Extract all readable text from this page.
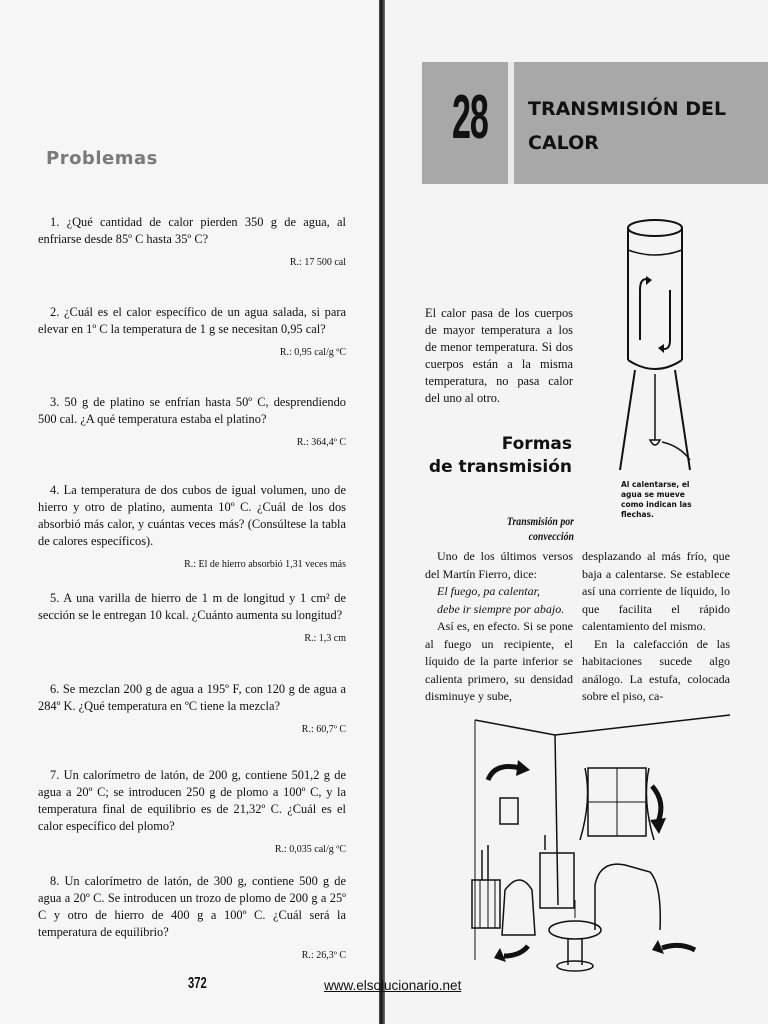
Problemas

1. ¿Qué cantidad de calor pierden 350 g de agua, al enfriarse desde 85º C hasta 35º C?

R.: 17 500 cal

2. ¿Cuál es el calor específico de un agua salada, si para elevar en 1º C la temperatura de 1 g se necesitan 0,95 cal?

R.: 0,95 cal/g ºC

3. 50 g de platino se enfrían hasta 50º C, desprendiendo 500 cal. ¿A qué temperatura estaba el platino?

R.: 364,4º C

4. La temperatura de dos cubos de igual volumen, uno de hierro y otro de platino, aumenta 10º C. ¿Cuál de los dos absorbió más calor, y cuántas veces más? (Consúltese la tabla de calores específicos).

R.: El de hierro absorbió 1,31 veces más

5. A una varilla de hierro de 1 m de longitud y 1 cm² de sección se le entregan 10 kcal. ¿Cuánto aumenta su longitud?

R.: 1,3 cm

6. Se mezclan 200 g de agua a 195º F, con 120 g de agua a 284º K. ¿Qué temperatura en ºC tiene la mezcla?

R.: 60,7º C

7. Un calorímetro de latón, de 200 g, contiene 501,2 g de agua a 20º C; se introducen 250 g de plomo a 100º C, y la temperatura final de equilibrio es de 21,32º C. ¿Cuál es el calor específico del plomo?

R.: 0,035 cal/g ºC

8. Un calorímetro de latón, de 300 g, contiene 500 g de agua a 20º C. Se introducen un trozo de plomo de 200 g a 25º C y otro de hierro de 400 g a 100º C. ¿Cuál será la temperatura de equilibrio?

R.: 26,3º C
372	www.elsolucionario.net
28 TRANSMISIÓN DEL CALOR
El calor pasa de los cuerpos de mayor temperatura a los de menor temperatura. Si dos cuerpos están a la misma temperatura, no pasa calor del uno al otro.
Formas
de transmisión
Al calentarse, el agua se mueve como indican las flechas.
Transmisión por convección

Uno de los últimos versos del Martín Fierro, dice:

El fuego, pa calentar,

debe ir siempre por abajo.

Así es, en efecto. Si se pone al fuego un recipiente, el líquido de la parte inferior se calienta primero, su densidad disminuye y sube,

desplazando al más frío, que baja a calentarse. Se establece así una corriente de líquido, lo que facilita el rápido calentamiento del mismo.

En la calefacción de las habitaciones sucede algo análogo. La estufa, colocada sobre el piso, ca-
